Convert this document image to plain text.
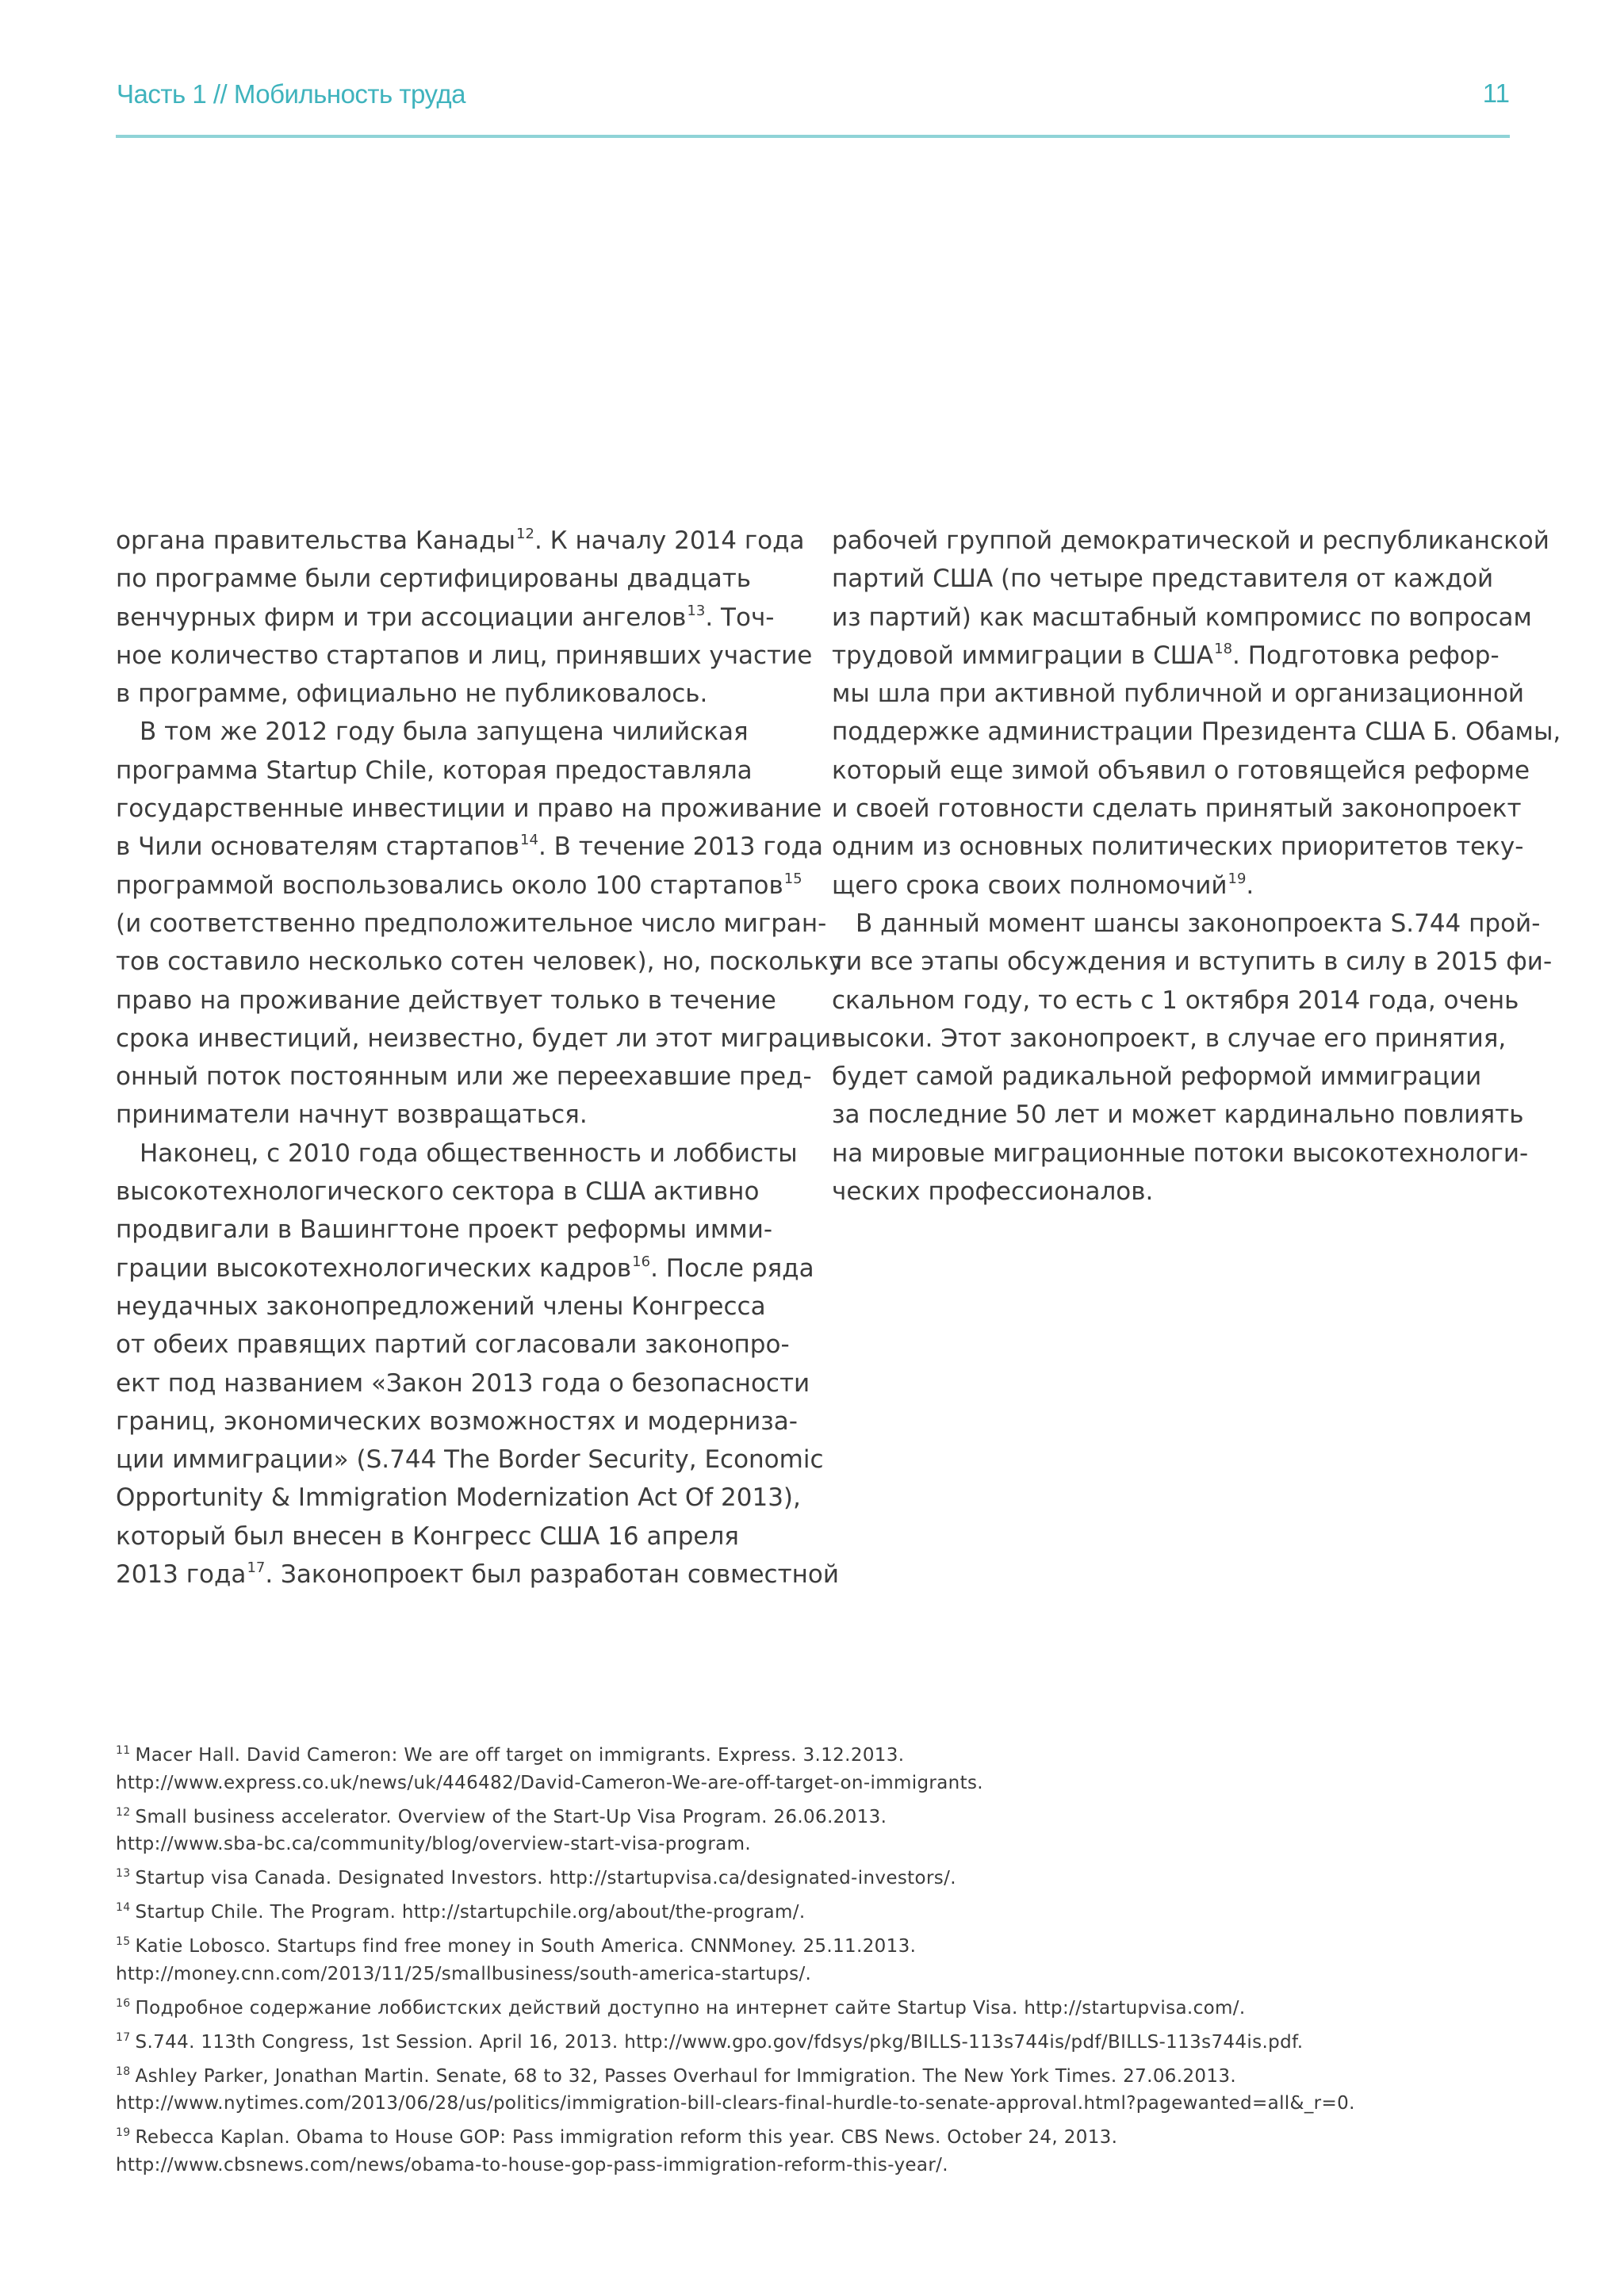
Часть 1 // Мобильность труда	11
органа правительства Канады$^{12}$. К началу 2014 года
по программе были сертифицированы двадцать
венчурных фирм и три ассоциации ангелов$^{13}$. Точ-
ное количество стартапов и лиц, принявших участие
в программе, официально не публиковалось.
В том же 2012 году была запущена чилийская
программа Startup Chile, которая предоставляла
государственные инвестиции и право на проживание
в Чили основателям стартапов$^{14}$. В течение 2013 года
программой воспользовались около 100 стартапов$^{15}$
(и соответственно предположительное число мигран-
тов составило несколько сотен человек), но, поскольку
право на проживание действует только в течение
срока инвестиций, неизвестно, будет ли этот миграци-
онный поток постоянным или же переехавшие пред-
приниматели начнут возвращаться.
Наконец, с 2010 года общественность и лоббисты
высокотехнологического сектора в США активно
продвигали в Вашингтоне проект реформы имми-
грации высокотехнологических кадров$^{16}$. После ряда
неудачных законопредложений члены Конгресса
от обеих правящих партий согласовали законопро-
ект под названием «Закон 2013 года о безопасности
границ, экономических возможностях и модерниза-
ции иммиграции» (S.744 The Border Security, Economic
Opportunity & Immigration Modernization Act Of 2013),
который был внесен в Конгресс США 16 апреля
2013 года$^{17}$. Законопроект был разработан совместной
рабочей группой демократической и республиканской
партий США (по четыре представителя от каждой
из партий) как масштабный компромисс по вопросам
трудовой иммиграции в США$^{18}$. Подготовка рефор-
мы шла при активной публичной и организационной
поддержке администрации Президента США Б. Обамы,
который еще зимой объявил о готовящейся реформе
и своей готовности сделать принятый законопроект
одним из основных политических приоритетов теку-
щего срока своих полномочий$^{19}$.
В данный момент шансы законопроекта S.744 прой-
ти все этапы обсуждения и вступить в силу в 2015 фи-
скальном году, то есть с 1 октября 2014 года, очень
высоки. Этот законопроект, в случае его принятия,
будет самой радикальной реформой иммиграции
за последние 50 лет и может кардинально повлиять
на мировые миграционные потоки высокотехнологи-
ческих профессионалов.
$^{11}$ Macer Hall. David Cameron: We are off target on immigrants. Express. 3.12.2013.
http://www.express.co.uk/news/uk/446482/David-Cameron-We-are-off-target-on-immigrants.
$^{12}$ Small business accelerator. Overview of the Start-Up Visa Program. 26.06.2013.
http://www.sba-bc.ca/community/blog/overview-start-visa-program.
$^{13}$ Startup visa Canada. Designated Investors. http://startupvisa.ca/designated-investors/.
$^{14}$ Startup Chile. The Program. http://startupchile.org/about/the-program/.
$^{15}$ Katie Lobosco. Startups find free money in South America. CNNMoney. 25.11.2013.
http://money.cnn.com/2013/11/25/smallbusiness/south-america-startups/.
$^{16}$ Подробное содержание лоббистских действий доступно на интернет сайте Startup Visa. http://startupvisa.com/.
$^{17}$ S.744. 113th Congress, 1st Session. April 16, 2013. http://www.gpo.gov/fdsys/pkg/BILLS-113s744is/pdf/BILLS-113s744is.pdf.
$^{18}$ Ashley Parker, Jonathan Martin. Senate, 68 to 32, Passes Overhaul for Immigration. The New York Times. 27.06.2013.
http://www.nytimes.com/2013/06/28/us/politics/immigration-bill-clears-final-hurdle-to-senate-approval.html?pagewanted=all&_r=0.
$^{19}$ Rebecca Kaplan. Obama to House GOP: Pass immigration reform this year. CBS News. October 24, 2013.
http://www.cbsnews.com/news/obama-to-house-gop-pass-immigration-reform-this-year/.
